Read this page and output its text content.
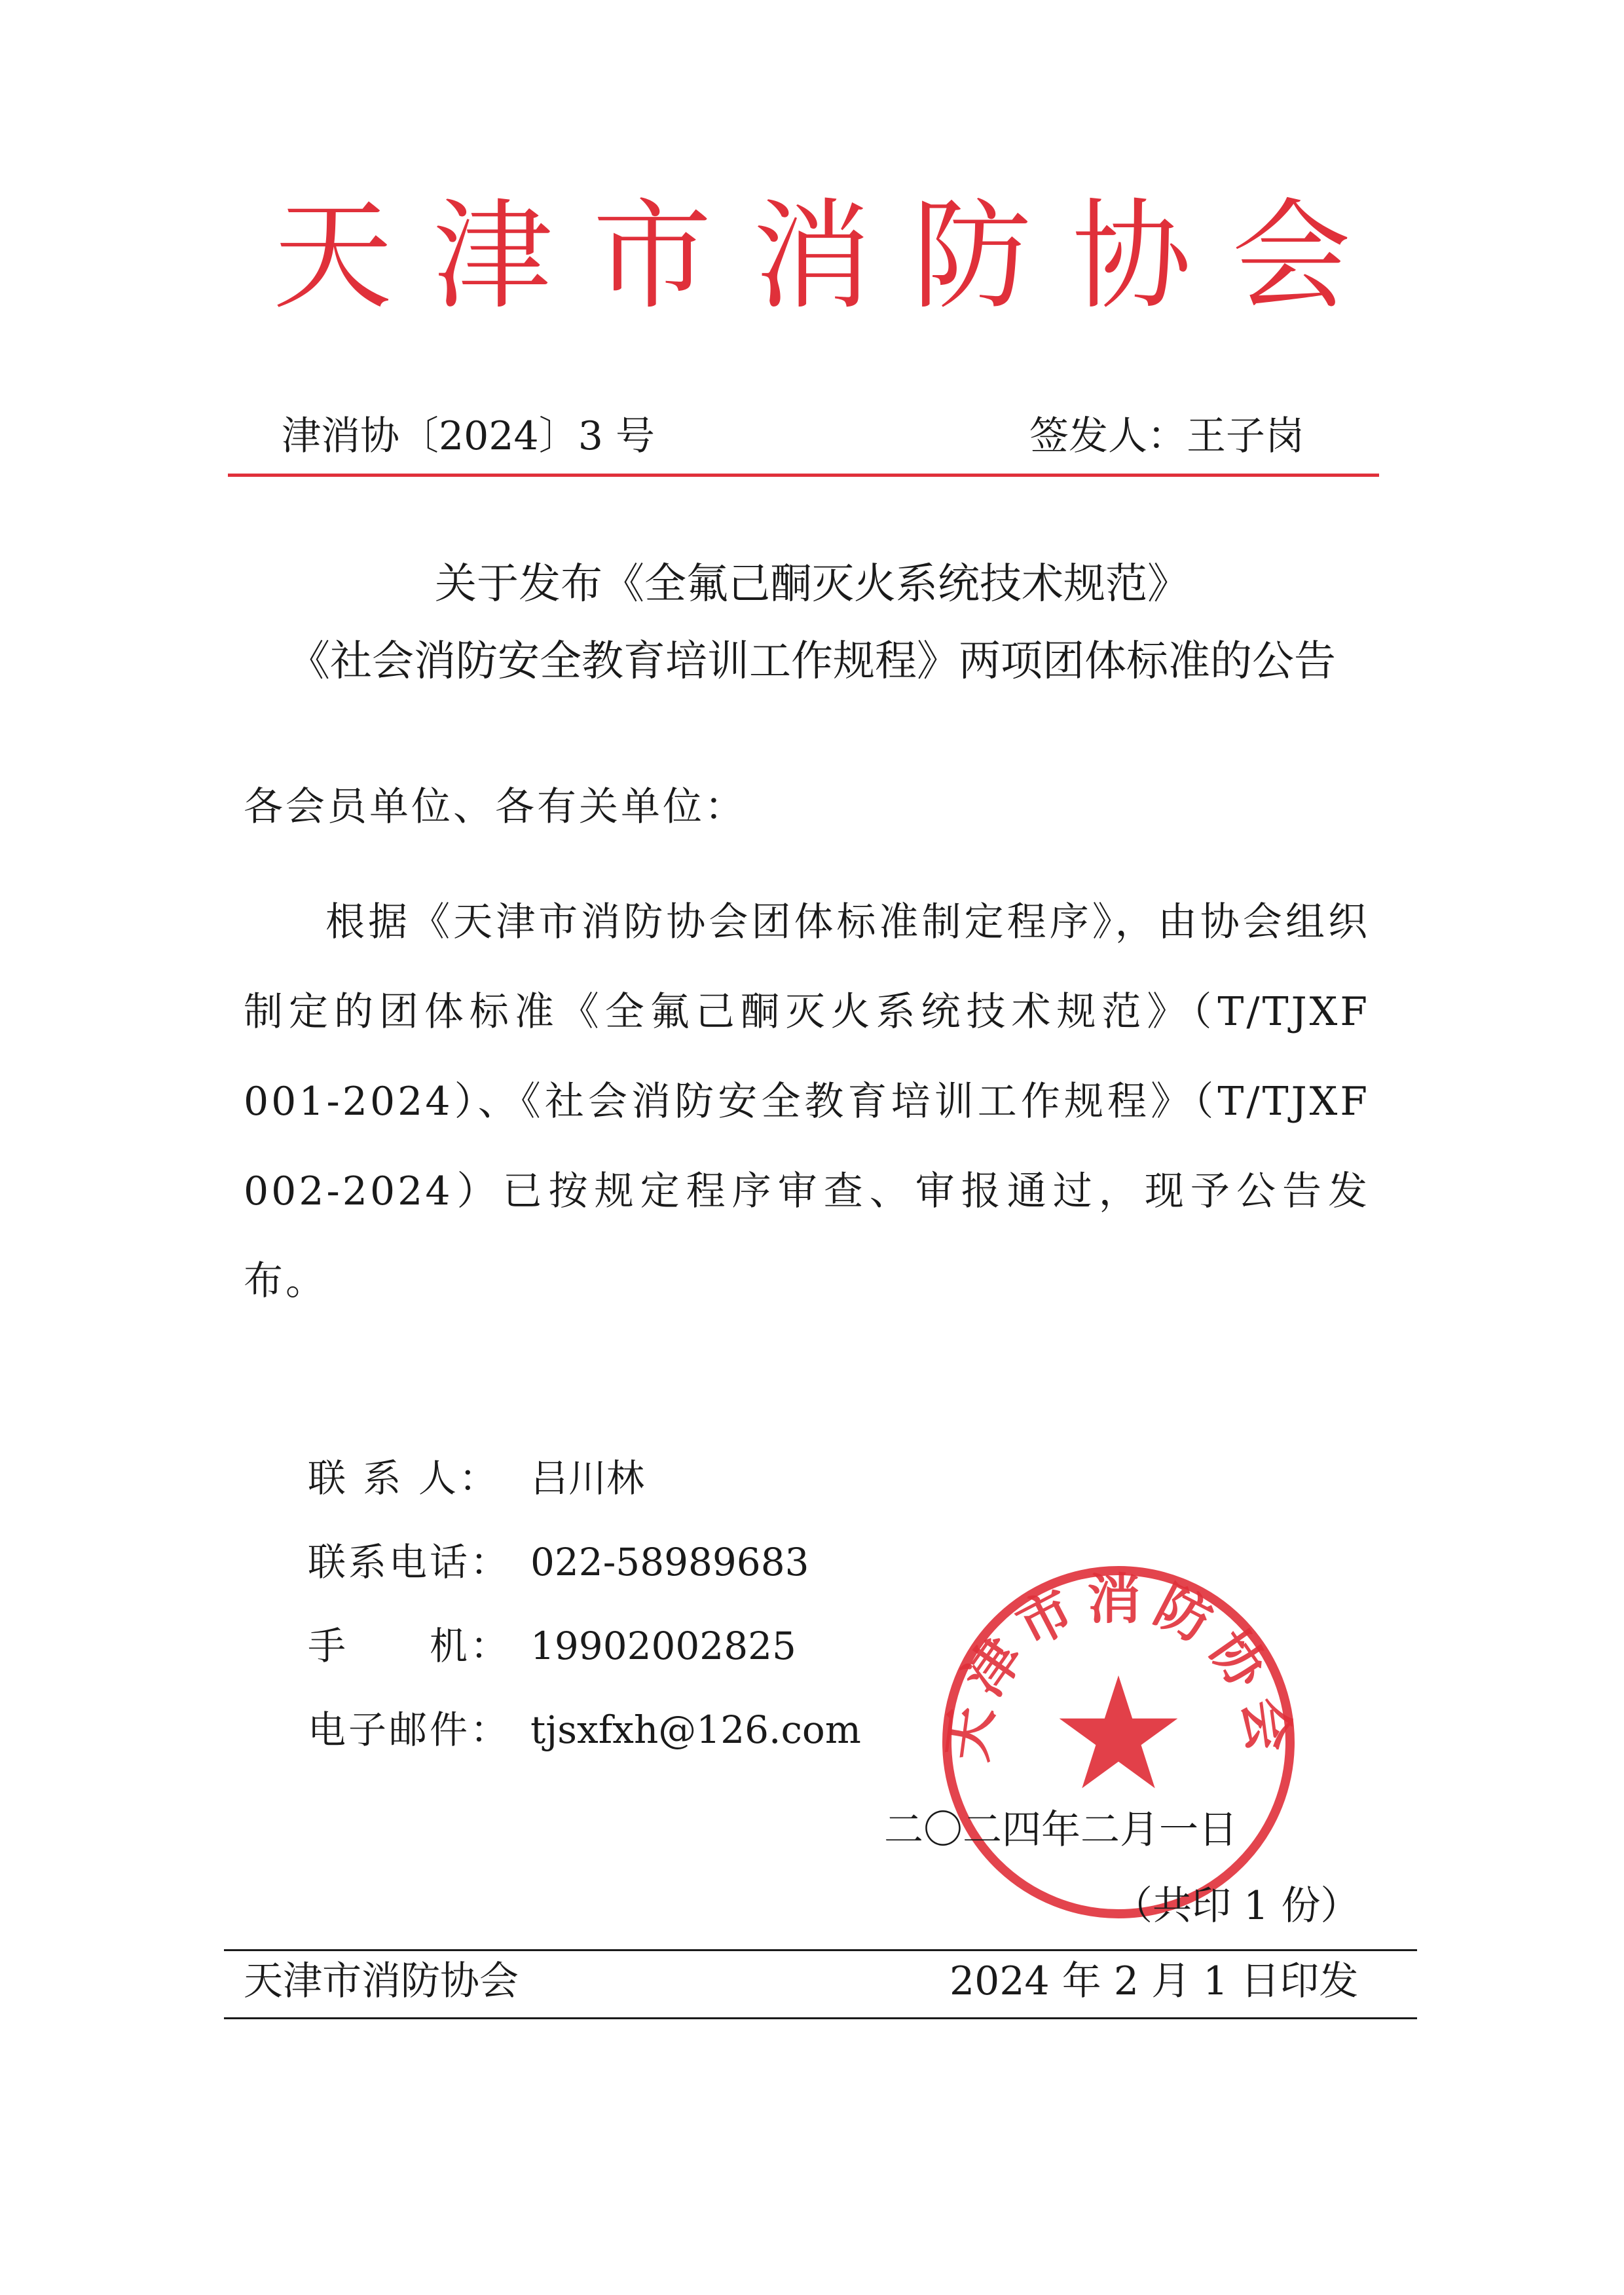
天津市消防协会
津消协〔2024〕3 号	签发人：王子岗
关于发布《全氟己酮灭火系统技术规范》
《社会消防安全教育培训工作规程》两项团体标准的公告
各会员单位、各有关单位：
根据《天津市消防协会团体标准制定程序》，由协会组织制定的团体标准《全氟己酮灭火系统技术规范》（T/TJXF 001-2024）、《社会消防安全教育培训工作规程》（T/TJXF 002-2024）已按规定程序审查、审报通过，现予公告发布。
联 系 人： 吕川林
联系电话： 022-58989683
手　　机： 19902002825
电子邮件： tjsxfxh@126.com 天津市消防协会
二〇二四年二月一日
（共印 1 份）
天津市消防协会	2024 年 2 月 1 日印发
